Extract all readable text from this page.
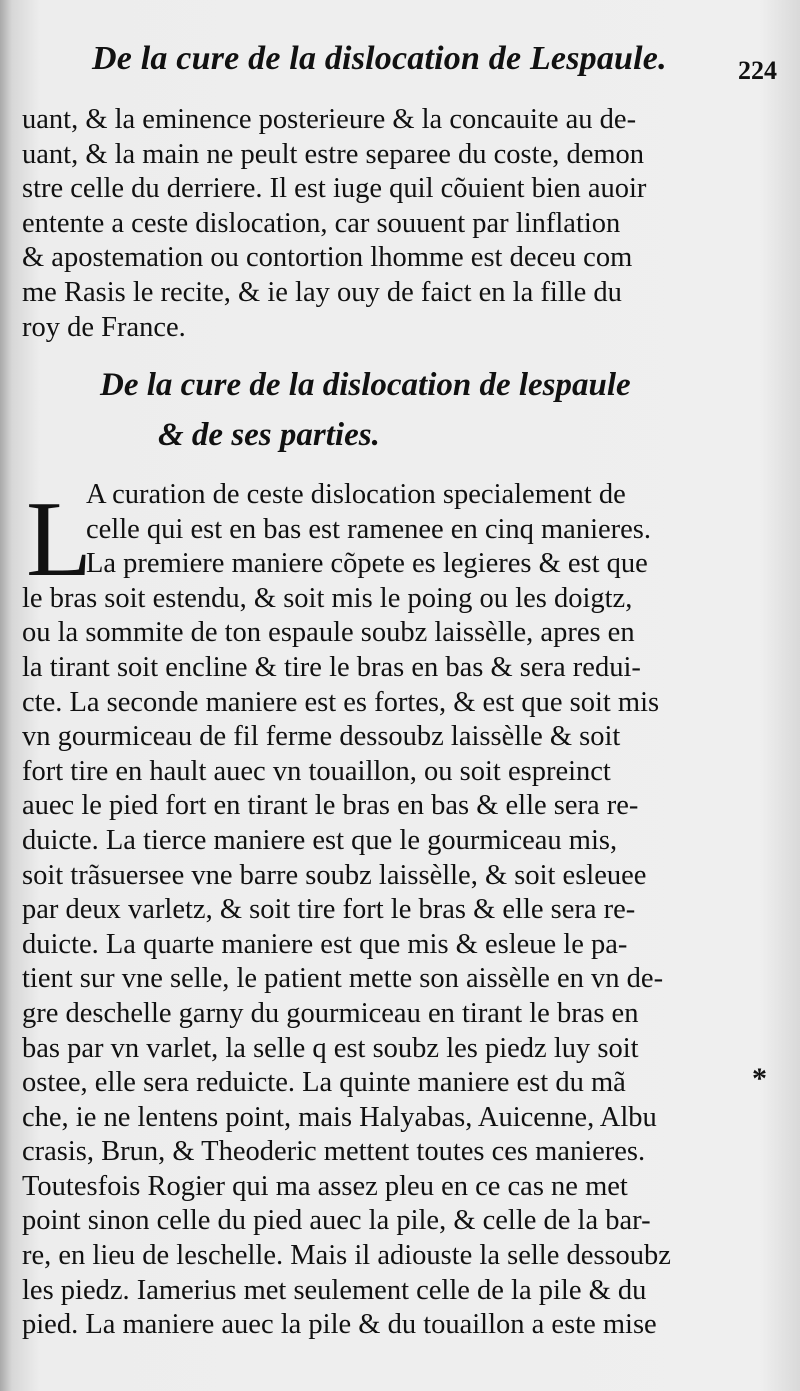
De la cure de la dislocation de Lespaule.	224
uant, & la eminence posterieure & la concauite au de-
uant, & la main ne peult estre separee du coste, demon
stre celle du derriere. Il est iuge quil cõuient bien auoir
entente a ceste dislocation, car souuent par linflation
& apostemation ou contortion lhomme est deceu com
me Rasis le recite, & ie lay ouy de faict en la fille du
roy de France.
De la cure de la dislocation de lespaule
& de ses parties.
L
A curation de ceste dislocation specialement de
celle qui est en bas est ramenee en cinq manieres.
La premiere maniere cõpete es legieres & est que
le bras soit estendu, & soit mis le poing ou les doigtz,
ou la sommite de ton espaule soubz laissèlle, apres en
la tirant soit encline & tire le bras en bas & sera redui-
cte. La seconde maniere est es fortes, & est que soit mis
vn gourmiceau de fil ferme dessoubz laissèlle & soit
fort tire en hault auec vn touaillon, ou soit espreinct
auec le pied fort en tirant le bras en bas & elle sera re-
duicte. La tierce maniere est que le gourmiceau mis,
soit trãsuersee vne barre soubz laissèlle, & soit esleuee
par deux varletz, & soit tire fort le bras & elle sera re-
duicte. La quarte maniere est que mis & esleue le pa-
tient sur vne selle, le patient mette son aissèlle en vn de-
gre deschelle garny du gourmiceau en tirant le bras en
bas par vn varlet, la selle q est soubz les piedz luy soit
ostee, elle sera reduicte. La quinte maniere est du mã
che, ie ne lentens point, mais Halyabas, Auicenne, Albu
crasis, Brun, & Theoderic mettent toutes ces manieres.
Toutesfois Rogier qui ma assez pleu en ce cas ne met
point sinon celle du pied auec la pile, & celle de la bar-
re, en lieu de leschelle. Mais il adiouste la selle dessoubz
les piedz. Iamerius met seulement celle de la pile & du
pied. La maniere auec la pile & du touaillon a este mise
*
